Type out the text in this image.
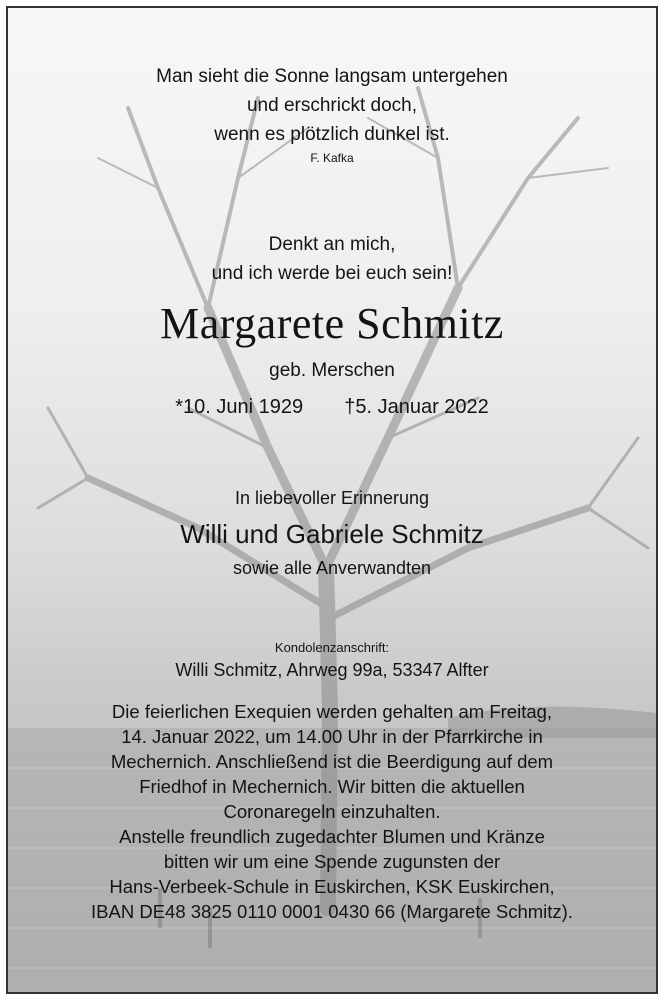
Man sieht die Sonne langsam untergehen
und erschrickt doch,
wenn es plötzlich dunkel ist.
F. Kafka
Denkt an mich,
und ich werde bei euch sein!
Margarete Schmitz
geb. Merschen
*10. Juni 1929 †5. Januar 2022
In liebevoller Erinnerung
Willi und Gabriele Schmitz
sowie alle Anverwandten
Kondolenzanschrift:
Willi Schmitz, Ahrweg 99a, 53347 Alfter
Die feierlichen Exequien werden gehalten am Freitag,
14. Januar 2022, um 14.00 Uhr in der Pfarrkirche in
Mechernich. Anschließend ist die Beerdigung auf dem
Friedhof in Mechernich. Wir bitten die aktuellen
Coronaregeln einzuhalten.
Anstelle freundlich zugedachter Blumen und Kränze
bitten wir um eine Spende zugunsten der
Hans-Verbeek-Schule in Euskirchen, KSK Euskirchen,
IBAN DE48 3825 0110 0001 0430 66 (Margarete Schmitz).
